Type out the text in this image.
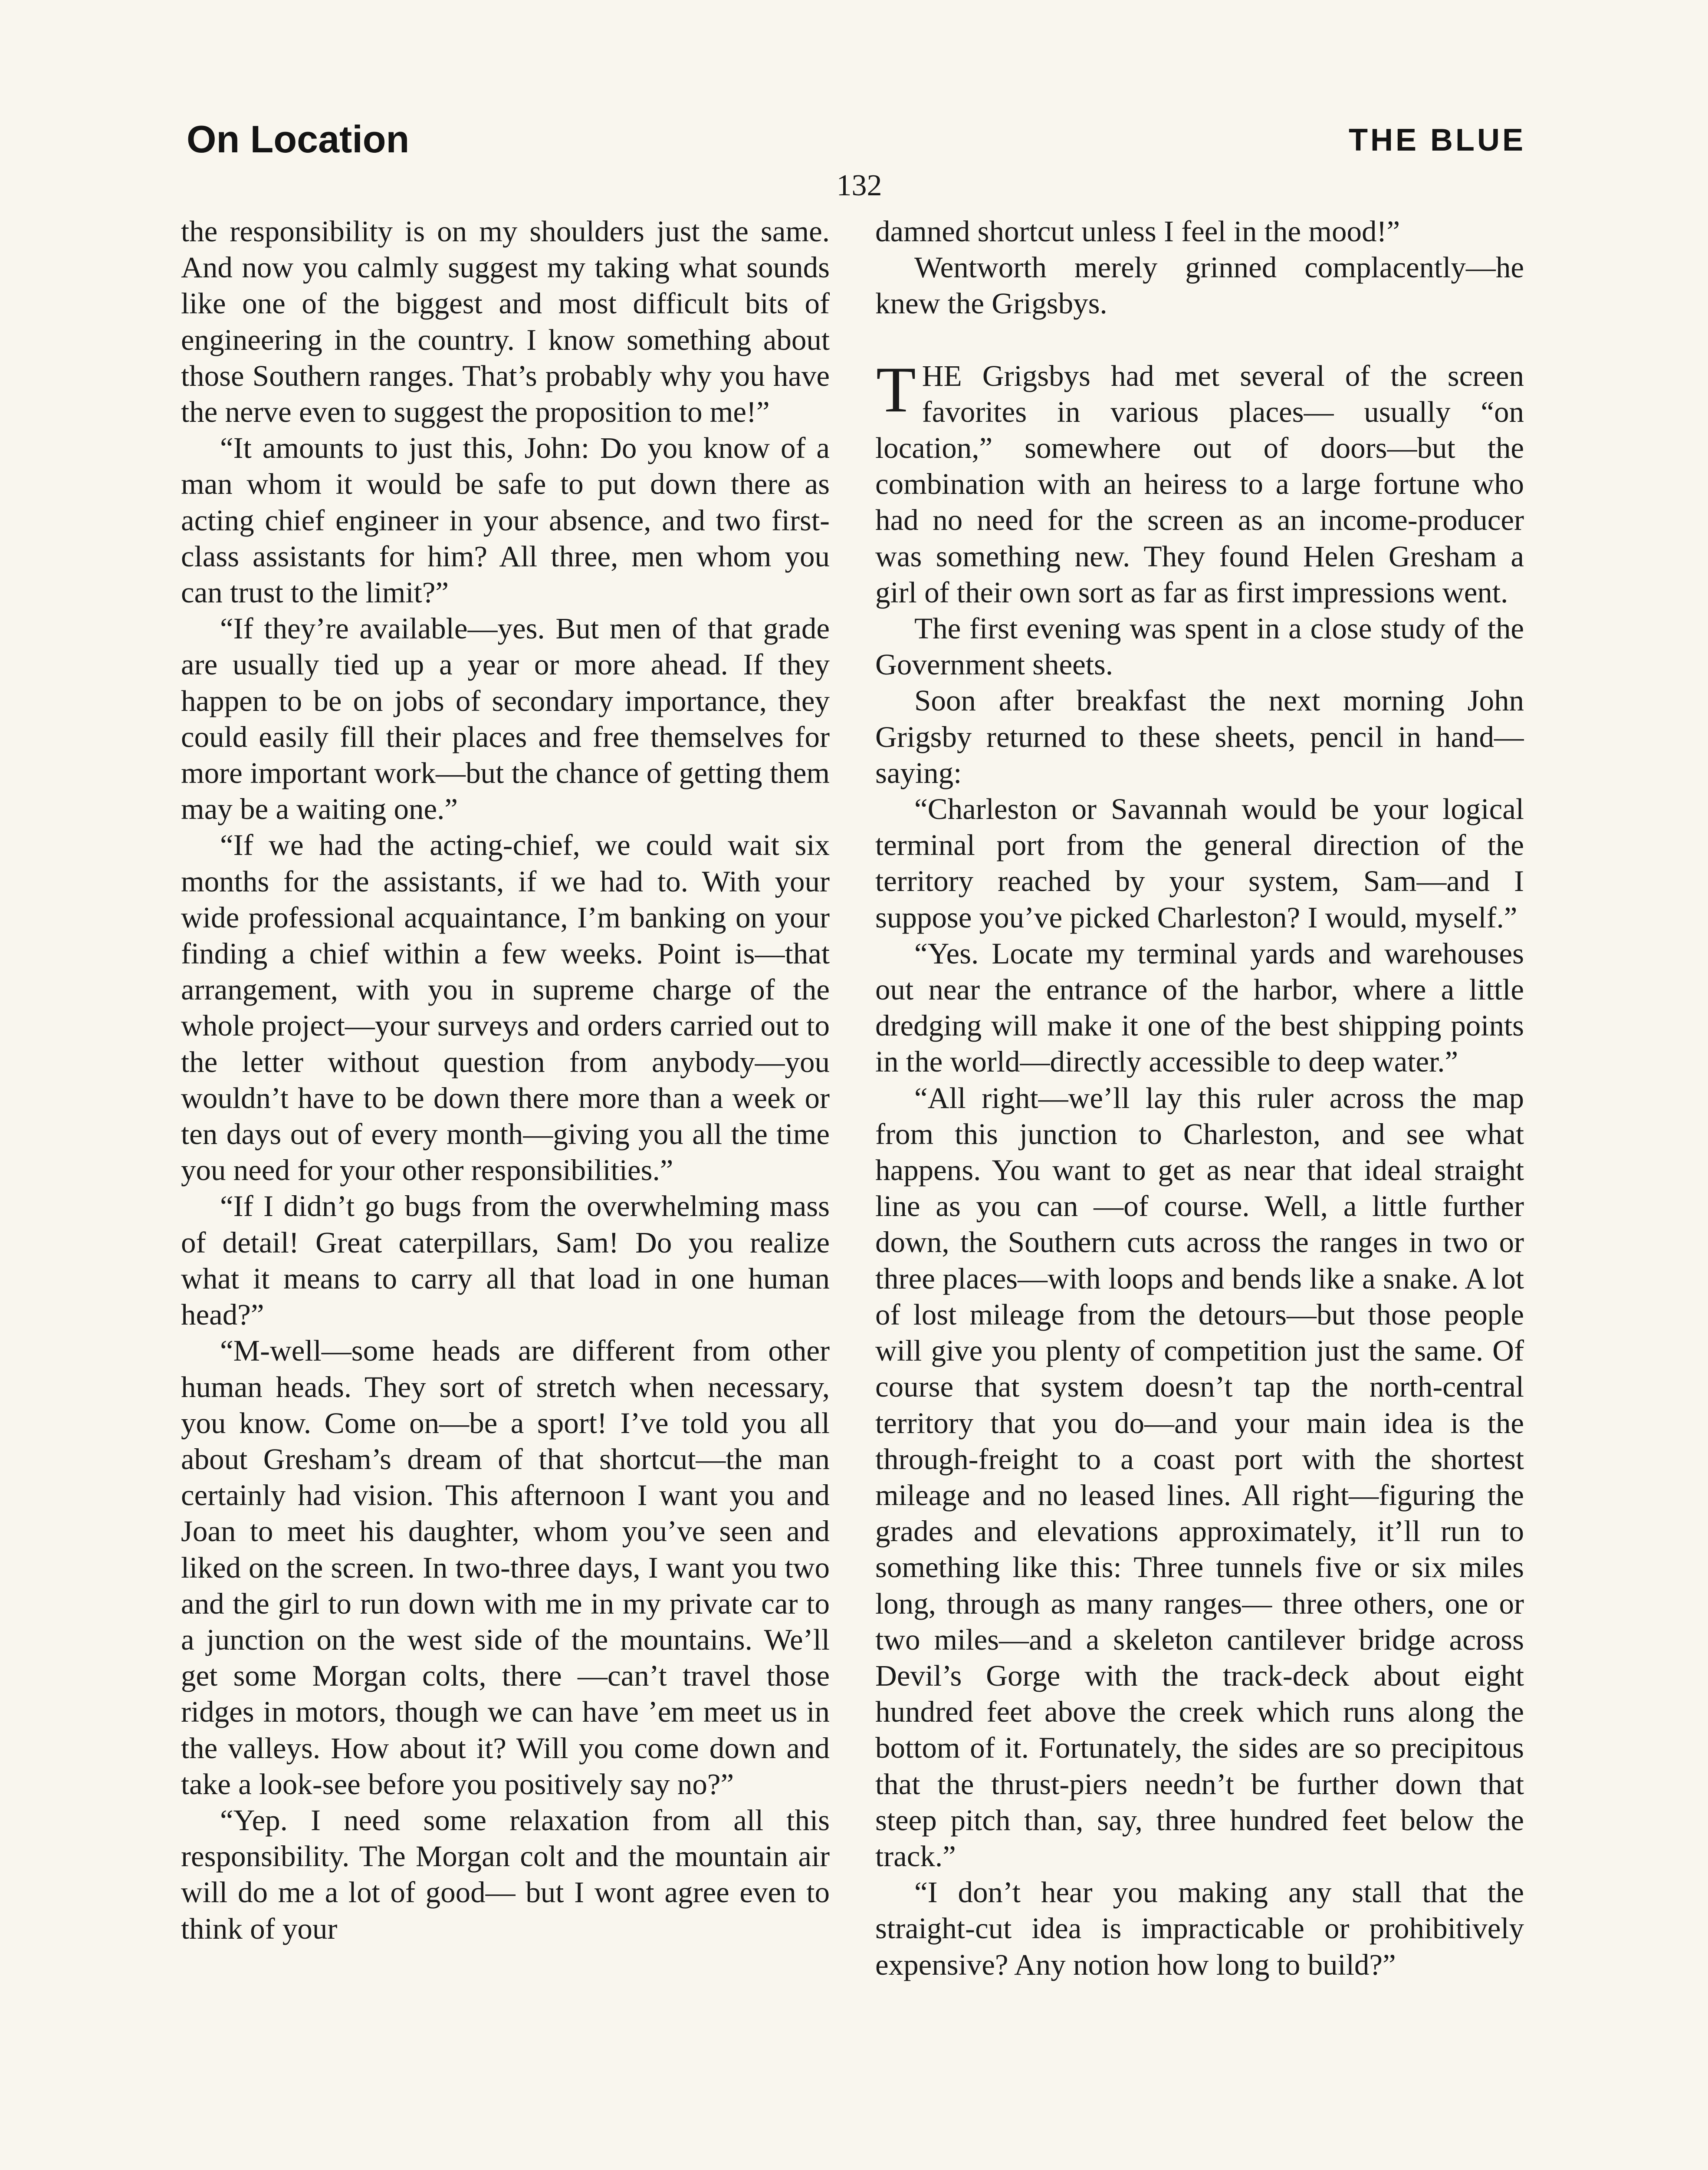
On Location	THE BLUE
132

the responsibility is on my shoulders just the same. And now you calmly suggest my taking what sounds like one of the biggest and most difficult bits of engineering in the country. I know something about those Southern ranges. That’s probably why you have the nerve even to suggest the proposition to me!”

“It amounts to just this, John: Do you know of a man whom it would be safe to put down there as acting chief engineer in your absence, and two first-class assistants for him? All three, men whom you can trust to the limit?”

“If they’re available—yes. But men of that grade are usually tied up a year or more ahead. If they happen to be on jobs of secondary importance, they could easily fill their places and free themselves for more important work—but the chance of getting them may be a waiting one.”

“If we had the acting-chief, we could wait six months for the assistants, if we had to. With your wide professional acquaintance, I’m banking on your finding a chief within a few weeks. Point is—that arrangement, with you in supreme charge of the whole project—your surveys and orders carried out to the letter without question from anybody—you wouldn’t have to be down there more than a week or ten days out of every month—giving you all the time you need for your other responsibilities.”

“If I didn’t go bugs from the overwhelming mass of detail! Great caterpillars, Sam! Do you realize what it means to carry all that load in one human head?”

“M-well—some heads are different from other human heads. They sort of stretch when necessary, you know. Come on—be a sport! I’ve told you all about Gresham’s dream of that shortcut—the man certainly had vision. This afternoon I want you and Joan to meet his daughter, whom you’ve seen and liked on the screen. In two-three days, I want you two and the girl to run down with me in my private car to a junction on the west side of the mountains. We’ll get some Morgan colts, there —can’t travel those ridges in motors, though we can have ’em meet us in the valleys. How about it? Will you come down and take a look-see before you positively say no?”

“Yep. I need some relaxation from all this responsibility. The Morgan colt and the mountain air will do me a lot of good— but I wont agree even to think of your

damned shortcut unless I feel in the mood!”

Wentworth merely grinned complacently—he knew the Grigsbys.

THE Grigsbys had met several of the screen favorites in various places— usually “on location,” somewhere out of doors—but the combination with an heiress to a large fortune who had no need for the screen as an income-producer was something new. They found Helen Gresham a girl of their own sort as far as first impressions went.

The first evening was spent in a close study of the Government sheets.

Soon after breakfast the next morning John Grigsby returned to these sheets, pencil in hand—saying:

“Charleston or Savannah would be your logical terminal port from the general direction of the territory reached by your system, Sam—and I suppose you’ve picked Charleston? I would, myself.”

“Yes. Locate my terminal yards and warehouses out near the entrance of the harbor, where a little dredging will make it one of the best shipping points in the world—directly accessible to deep water.”

“All right—we’ll lay this ruler across the map from this junction to Charleston, and see what happens. You want to get as near that ideal straight line as you can —of course. Well, a little further down, the Southern cuts across the ranges in two or three places—with loops and bends like a snake. A lot of lost mileage from the detours—but those people will give you plenty of competition just the same. Of course that system doesn’t tap the north-central territory that you do—and your main idea is the through-freight to a coast port with the shortest mileage and no leased lines. All right—figuring the grades and elevations approximately, it’ll run to something like this: Three tunnels five or six miles long, through as many ranges— three others, one or two miles—and a skeleton cantilever bridge across Devil’s Gorge with the track-deck about eight hundred feet above the creek which runs along the bottom of it. Fortunately, the sides are so precipitous that the thrust-piers needn’t be further down that steep pitch than, say, three hundred feet below the track.”

“I don’t hear you making any stall that the straight-cut idea is impracticable or prohibitively expensive? Any notion how long to build?”
